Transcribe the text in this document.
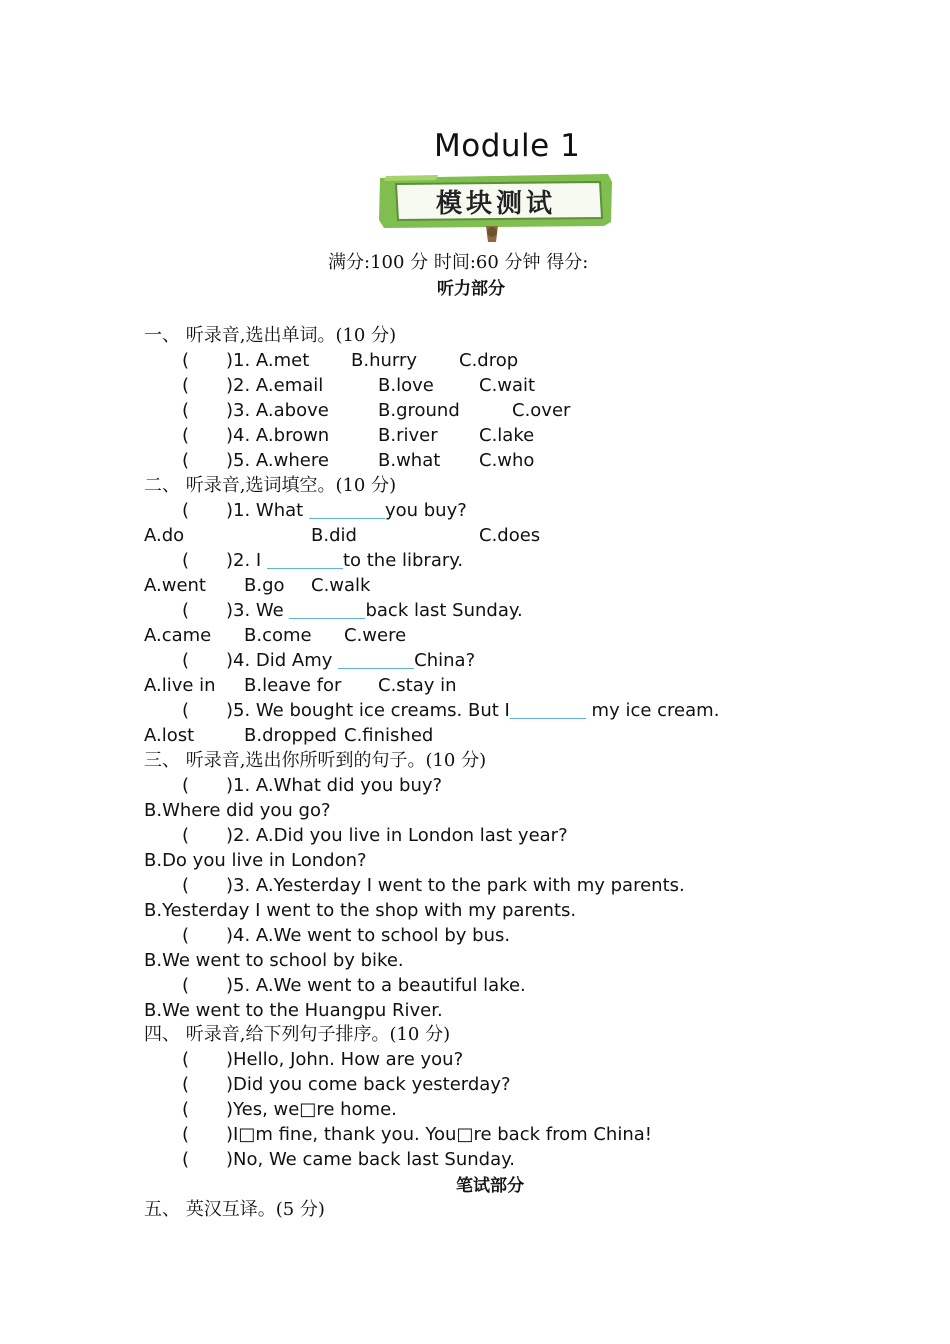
Module 1
模块测试
满分:100 分 时间:60 分钟 得分:
听力部分
一、 听录音,选出单词。(10 分)
(	)1. A.met B.hurry C.drop
(	)2. A.email	B.love	C.wait
(	)3. A.above	B.ground	C.over
(	)4. A.brown	B.river C.lake
(	)5. A.where	B.what C.who
二、 听录音,选词填空。(10 分)
(	)1. What	you buy?
A.do	B.did	C.does
(	)2. I	to the library.
A.went B.go C.walk
(	)3. We	back last Sunday.
A.came B.come C.were
(	)4. Did Amy	China?
A.live in B.leave for C.stay in
(	)5. We bought ice creams. But I	my ice cream.
A.lost	B.dropped C.finished
三、 听录音,选出你所听到的句子。(10 分)
(	)1. A.What did you buy?
B.Where did you go?
(	)2. A.Did you live in London last year?
B.Do you live in London?
(	)3. A.Yesterday I went to the park with my parents.
B.Yesterday I went to the shop with my parents.
(	)4. A.We went to school by bus.
B.We went to school by bike.
(	)5. A.We went to a beautiful lake.
B.We went to the Huangpu River.
四、 听录音,给下列句子排序。(10 分)
(	)Hello, John. How are you?
(	)Did you come back yesterday?
(	)Yes, we□re home.
(	)I□m fine, thank you. You□re back from China!
(	)No, We came back last Sunday.
笔试部分
五、 英汉互译。(5 分)
